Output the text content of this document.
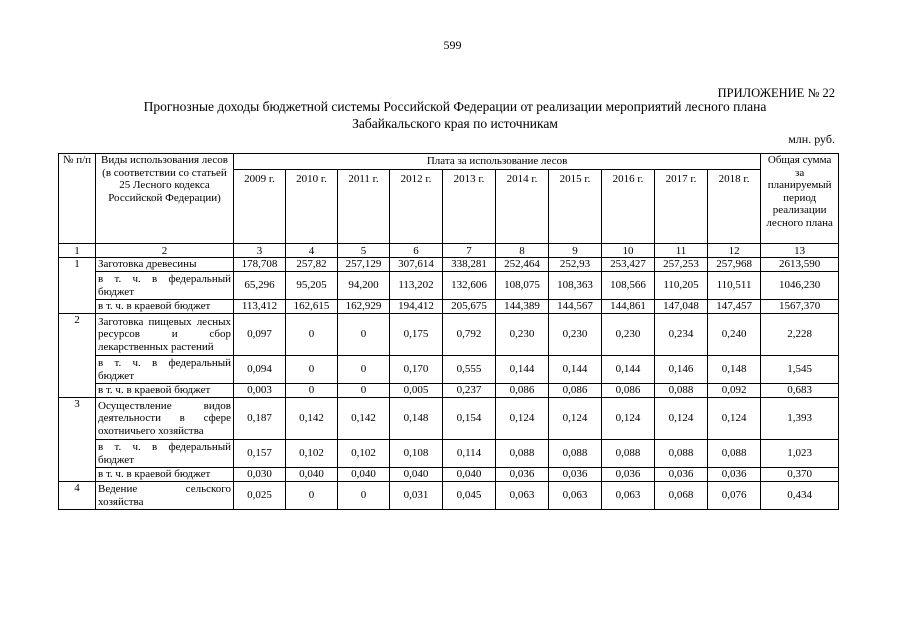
599
ПРИЛОЖЕНИЕ № 22
Прогнозные доходы бюджетной системы Российской Федерации от реализации мероприятий лесного плана
Забайкальского края по источникам
млн. руб.
№ п/п	Виды использования лесов (в соответствии со статьей 25 Лесного кодекса Российской Федерации)	Плата за использование лесов										Общая сумма за планируемый период реализации лесного плана
		2009 г.	2010 г.	2011 г.	2012 г.	2013 г.	2014 г.	2015 г.	2016 г.	2017 г.	2018 г.	
1	2	3	4	5	6	7	8	9	10	11	12	13
1	Заготовка древесины	178,708	257,82	257,129	307,614	338,281	252,464	252,93	253,427	257,253	257,968	2613,590
	в т. ч. в федеральный бюджет	65,296	95,205	94,200	113,202	132,606	108,075	108,363	108,566	110,205	110,511	1046,230
	в т. ч. в краевой бюджет	113,412	162,615	162,929	194,412	205,675	144,389	144,567	144,861	147,048	147,457	1567,370
2	Заготовка пищевых лесных ресурсов и сбор лекарственных растений	0,097	0	0	0,175	0,792	0,230	0,230	0,230	0,234	0,240	2,228
	в т. ч. в федеральный бюджет	0,094	0	0	0,170	0,555	0,144	0,144	0,144	0,146	0,148	1,545
	в т. ч. в краевой бюджет	0,003	0	0	0,005	0,237	0,086	0,086	0,086	0,088	0,092	0,683
3	Осуществление видов деятельности в сфере охотничьего хозяйства	0,187	0,142	0,142	0,148	0,154	0,124	0,124	0,124	0,124	0,124	1,393
	в т. ч. в федеральный бюджет	0,157	0,102	0,102	0,108	0,114	0,088	0,088	0,088	0,088	0,088	1,023
	в т. ч. в краевой бюджет	0,030	0,040	0,040	0,040	0,040	0,036	0,036	0,036	0,036	0,036	0,370
4	Ведение сельского хозяйства	0,025	0	0	0,031	0,045	0,063	0,063	0,063	0,068	0,076	0,434
